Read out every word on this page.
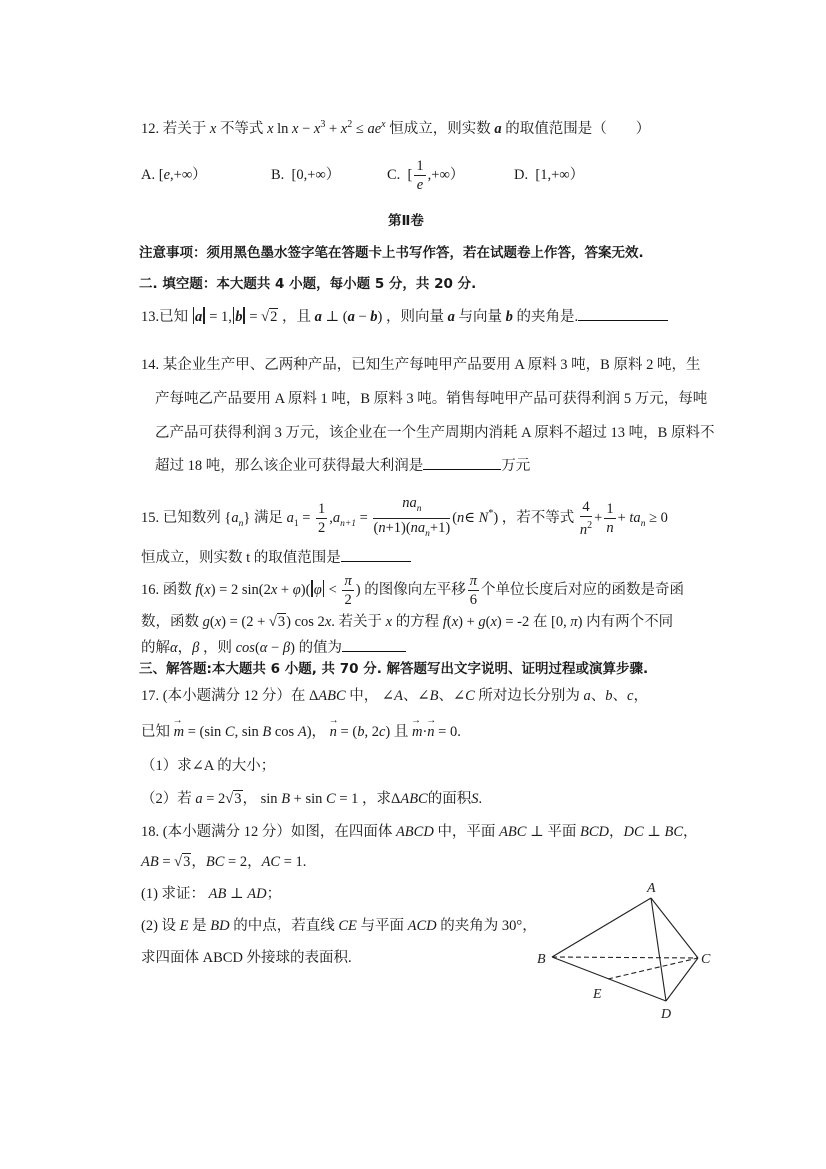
12. 若关于 x 不等式 x $\ln x - x^3 + x^2 \le ae^x$ 恒成立，则实数 a 的取值范围是（　　）
A. [e,+∞）	B.  [0,+∞）	C.  [ $\frac{1}{e}$ ,+∞）	D.  [1,+∞）
第Ⅱ卷
注意事项：须用黑色墨水签字笔在答题卡上书写作答，若在试题卷上作答，答案无效.
二. 填空题：本大题共 4 小题，每小题 5 分，共 20 分.
13.已知 a = 1, b = √2 ，且 a ⊥ (a − b) ，则向量 a 与向量 b 的夹角是.
14. 某企业生产甲、乙两种产品，已知生产每吨甲产品要用 A 原料 3 吨，B 原料 2 吨，生
产每吨乙产品要用 A 原料 1 吨，B 原料 3 吨。销售每吨甲产品可获得利润 5 万元，每吨
乙产品可获得利润 3 万元，该企业在一个生产周期内消耗 A 原料不超过 13 吨，B 原料不
超过 18 吨，那么该企业可获得最大利润是	万元
15. 已知数列 $\{a_n\}$ 满足 $a_1 = \frac{1}{2} ,a_{n+1} = \frac{na_n}{(n+1)(na_n+1)}$ (n∈ N*) ，若不等式 $\frac{4}{n^2} + \frac{1}{n} + ta_n \ge 0$
恒成立，则实数 t 的取值范围是
16. 函数 f(x) = 2 sin(2x + φ)( $\varphi < \frac{\pi}{2}$ ) 的图像向左平移 $\frac{\pi}{6}$ 个单位长度后对应的函数是奇函
数，函数 g(x) = (2 + √3) cos 2x. 若关于 x 的方程 f(x) + g(x) = -2 在 [0, π) 内有两个不同
的解α，β ，则 cos(α − β) 的值为
三、解答题:本大题共 6 小题, 共 70 分. 解答题写出文字说明、证明过程或演算步骤.
17. (本小题满分 12 分）在 ΔABC 中， ∠A、∠B、∠C 所对边长分别为 a、b、c，
已知 → m = (sin C, sin B cos A)， → n = (b, 2c) 且 → m·→ n = 0.
（1）求∠A 的大小；
（2）若 a = 2√3， sin B + sin C = 1 ，求ΔABC的面积S.
18. (本小题满分 12 分）如图，在四面体 ABCD 中，平面 ABC ⊥ 平面 BCD，DC ⊥ BC，
AB = √3，BC = 2，AC = 1.
(1) 求证： AB ⊥ AD；
(2) 设 E 是 BD 的中点，若直线 CE 与平面 ACD 的夹角为 30°，
求四面体 ABCD 外接球的表面积.
A
B	C
D
E
